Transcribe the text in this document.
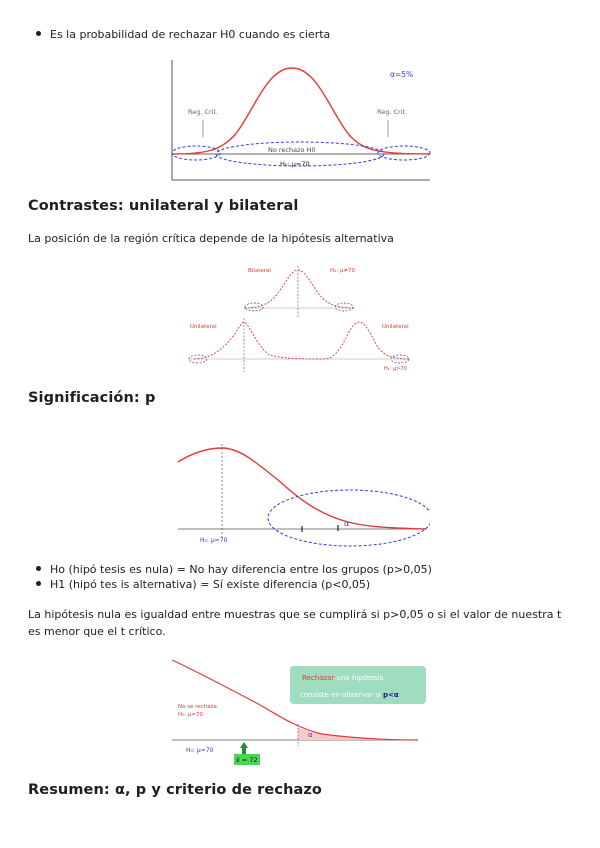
Es la probabilidad de rechazar H0 cuando es cierta
α=5%
Reg. Crit.	Reg. Crit.
No rechazo H0
H₀: μ=70
Contrastes: unilateral y bilateral
La posición de la región crítica depende de la hipótesis alternativa
Bilateral	H₁: μ≠70
Unilateral	Unilateral
H₁: μ>70
Significación: p
α
H₀: μ=70
Ho (hipó tesis es nula) = No hay diferencia entre los grupos (p>0,05)
H1 (hipó tes is alternativa) = Sí existe diferencia (p<0,05)
La hipótesis nula es igualdad entre muestras que se cumplirá si p>0,05 o si el valor de nuestra t es menor que el t crítico.
α
Rechazar una hipótesis
consiste en observar si p<α
No se rechaza
H₀: μ=70
H₀: μ=70
x̄ = 72
Resumen: α, p y criterio de rechazo
